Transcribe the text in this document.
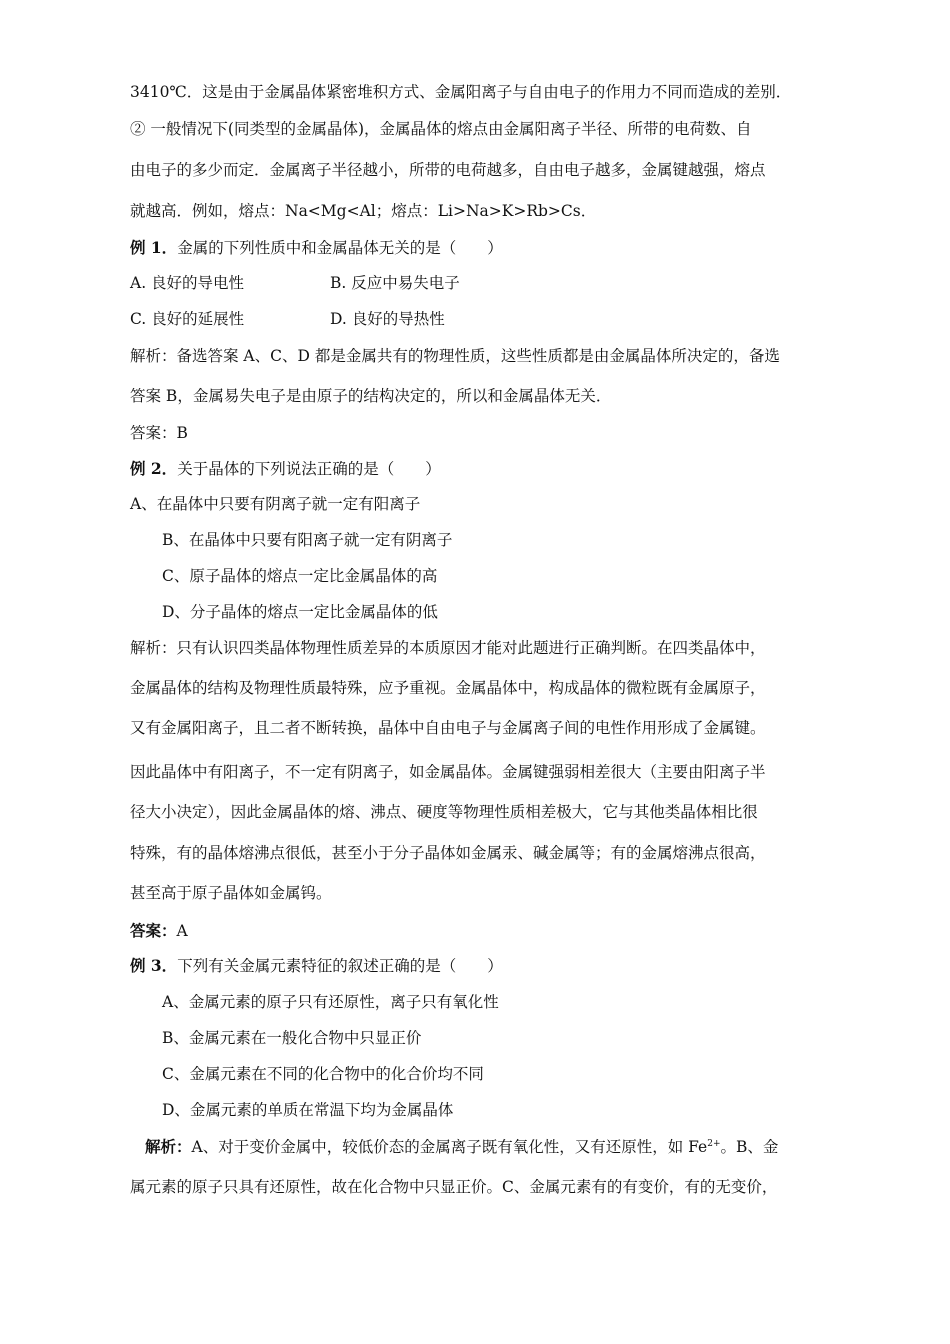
3410℃．这是由于金属晶体紧密堆积方式、金属阳离子与自由电子的作用力不同而造成的差别．
② 一般情况下(同类型的金属晶体)，金属晶体的熔点由金属阳离子半径、所带的电荷数、自
由电子的多少而定．金属离子半径越小，所带的电荷越多，自由电子越多，金属键越强，熔点
就越高．例如，熔点：Na<Mg<Al；熔点：Li>Na>K>Rb>Cs．
例 1．金属的下列性质中和金属晶体无关的是（　　）
A. 良好的导电性	B. 反应中易失电子
C. 良好的延展性	D. 良好的导热性
解析：备选答案 A、C、D 都是金属共有的物理性质，这些性质都是由金属晶体所决定的，备选
答案 B，金属易失电子是由原子的结构决定的，所以和金属晶体无关．
答案：B
例 2．关于晶体的下列说法正确的是（　　）
A、在晶体中只要有阴离子就一定有阳离子
B、在晶体中只要有阳离子就一定有阴离子
C、原子晶体的熔点一定比金属晶体的高
D、分子晶体的熔点一定比金属晶体的低
解析：只有认识四类晶体物理性质差异的本质原因才能对此题进行正确判断。在四类晶体中，
金属晶体的结构及物理性质最特殊，应予重视。金属晶体中，构成晶体的微粒既有金属原子，
又有金属阳离子，且二者不断转换，晶体中自由电子与金属离子间的电性作用形成了金属键。
因此晶体中有阳离子，不一定有阴离子，如金属晶体。金属键强弱相差很大（主要由阳离子半
径大小决定），因此金属晶体的熔、沸点、硬度等物理性质相差极大，它与其他类晶体相比很
特殊，有的晶体熔沸点很低，甚至小于分子晶体如金属汞、碱金属等；有的金属熔沸点很高，
甚至高于原子晶体如金属钨。
答案：A
例 3．下列有关金属元素特征的叙述正确的是（　　）
A、金属元素的原子只有还原性，离子只有氧化性
B、金属元素在一般化合物中只显正价
C、金属元素在不同的化合物中的化合价均不同
D、金属元素的单质在常温下均为金属晶体
解析：A、对于变价金属中，较低价态的金属离子既有氧化性，又有还原性，如 $Fe^{2+}$。B、金
属元素的原子只具有还原性，故在化合物中只显正价。C、金属元素有的有变价，有的无变价，
